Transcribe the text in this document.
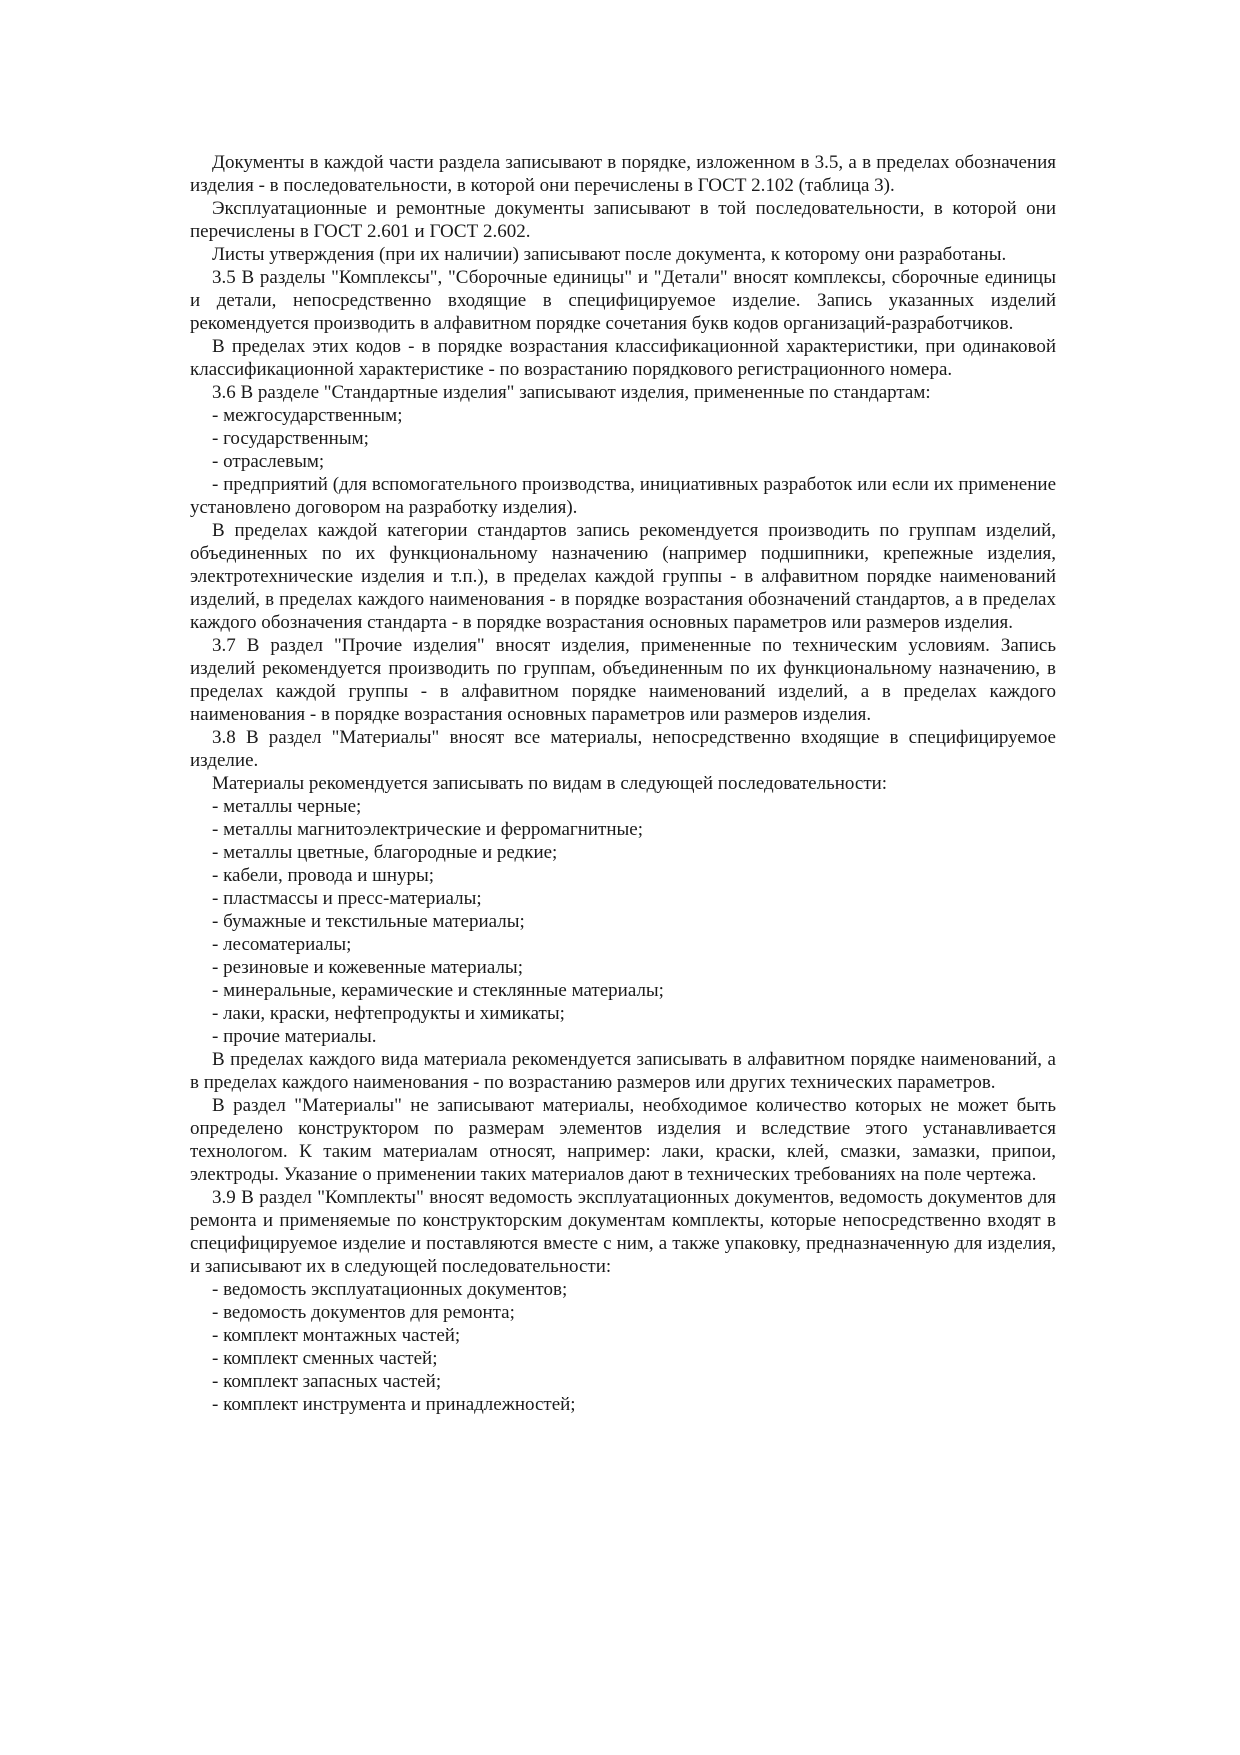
Документы в каждой части раздела записывают в порядке, изложенном в 3.5, а в пределах обозначения изделия - в последовательности, в которой они перечислены в ГОСТ 2.102 (таблица 3).

Эксплуатационные и ремонтные документы записывают в той последовательности, в которой они перечислены в ГОСТ 2.601 и ГОСТ 2.602.

Листы утверждения (при их наличии) записывают после документа, к которому они разработаны.

3.5 В разделы "Комплексы", "Сборочные единицы" и "Детали" вносят комплексы, сборочные единицы и детали, непосредственно входящие в специфицируемое изделие. Запись указанных изделий рекомендуется производить в алфавитном порядке сочетания букв кодов организаций-разработчиков.

В пределах этих кодов - в порядке возрастания классификационной характеристики, при одинаковой классификационной характеристике - по возрастанию порядкового регистрационного номера.

3.6 В разделе "Стандартные изделия" записывают изделия, примененные по стандартам:

- межгосударственным;

- государственным;

- отраслевым;

- предприятий (для вспомогательного производства, инициативных разработок или если их применение установлено договором на разработку изделия).

В пределах каждой категории стандартов запись рекомендуется производить по группам изделий, объединенных по их функциональному назначению (например подшипники, крепежные изделия, электротехнические изделия и т.п.), в пределах каждой группы - в алфавитном порядке наименований изделий, в пределах каждого наименования - в порядке возрастания обозначений стандартов, а в пределах каждого обозначения стандарта - в порядке возрастания основных параметров или размеров изделия.

3.7 В раздел "Прочие изделия" вносят изделия, примененные по техническим условиям. Запись изделий рекомендуется производить по группам, объединенным по их функциональному назначению, в пределах каждой группы - в алфавитном порядке наименований изделий, а в пределах каждого наименования - в порядке возрастания основных параметров или размеров изделия.

3.8 В раздел "Материалы" вносят все материалы, непосредственно входящие в специфицируемое изделие.

Материалы рекомендуется записывать по видам в следующей последовательности:

- металлы черные;

- металлы магнитоэлектрические и ферромагнитные;

- металлы цветные, благородные и редкие;

- кабели, провода и шнуры;

- пластмассы и пресс-материалы;

- бумажные и текстильные материалы;

- лесоматериалы;

- резиновые и кожевенные материалы;

- минеральные, керамические и стеклянные материалы;

- лаки, краски, нефтепродукты и химикаты;

- прочие материалы.

В пределах каждого вида материала рекомендуется записывать в алфавитном порядке наименований, а в пределах каждого наименования - по возрастанию размеров или других технических параметров.

В раздел "Материалы" не записывают материалы, необходимое количество которых не может быть определено конструктором по размерам элементов изделия и вследствие этого устанавливается технологом. К таким материалам относят, например: лаки, краски, клей, смазки, замазки, припои, электроды. Указание о применении таких материалов дают в технических требованиях на поле чертежа.

3.9 В раздел "Комплекты" вносят ведомость эксплуатационных документов, ведомость документов для ремонта и применяемые по конструкторским документам комплекты, которые непосредственно входят в специфицируемое изделие и поставляются вместе с ним, а также упаковку, предназначенную для изделия, и записывают их в следующей последовательности:

- ведомость эксплуатационных документов;

- ведомость документов для ремонта;

- комплект монтажных частей;

- комплект сменных частей;

- комплект запасных частей;

- комплект инструмента и принадлежностей;
